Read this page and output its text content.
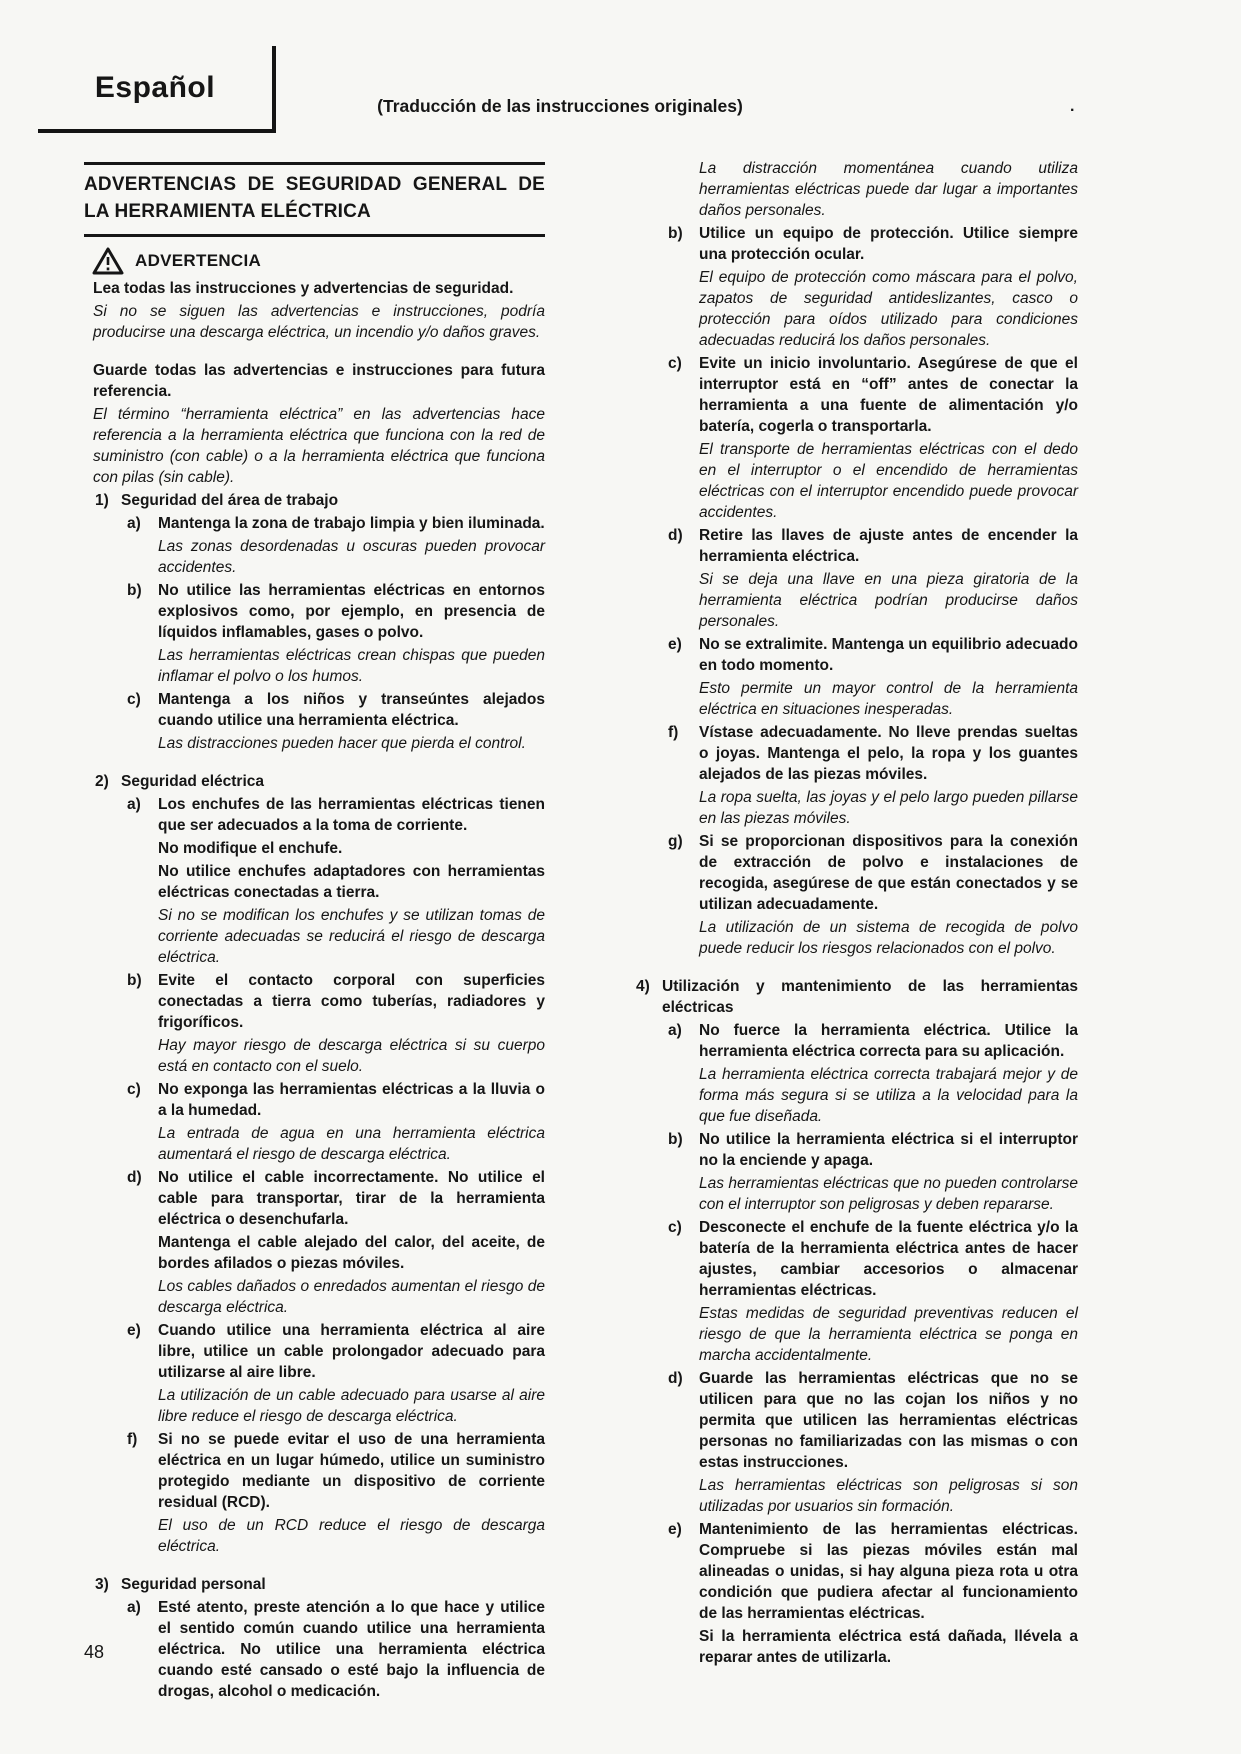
Español
(Traducción de las instrucciones originales)	.
ADVERTENCIAS DE SEGURIDAD GENERAL DE LA HERRAMIENTA ELÉCTRICA
ADVERTENCIA
Lea todas las instrucciones y advertencias de seguridad.
Si no se siguen las advertencias e instrucciones, podría producirse una descarga eléctrica, un incendio y/o daños graves.
Guarde todas las advertencias e instrucciones para futura referencia.
El término “herramienta eléctrica” en las advertencias hace referencia a la herramienta eléctrica que funciona con la red de suministro (con cable) o a la herramienta eléctrica que funciona con pilas (sin cable).
1) Seguridad del área de trabajo
a)	Mantenga la zona de trabajo limpia y bien iluminada.
Las zonas desordenadas u oscuras pueden provocar accidentes.
b)	No utilice las herramientas eléctricas en entornos explosivos como, por ejemplo, en presencia de líquidos inflamables, gases o polvo.
Las herramientas eléctricas crean chispas que pueden inflamar el polvo o los humos.
c)	Mantenga a los niños y transeúntes alejados cuando utilice una herramienta eléctrica.
Las distracciones pueden hacer que pierda el control.
2) Seguridad eléctrica
a)	Los enchufes de las herramientas eléctricas tienen que ser adecuados a la toma de corriente.
No modifique el enchufe.
No utilice enchufes adaptadores con herramientas eléctricas conectadas a tierra.
Si no se modifican los enchufes y se utilizan tomas de corriente adecuadas se reducirá el riesgo de descarga eléctrica.
b)	Evite el contacto corporal con superficies conectadas a tierra como tuberías, radiadores y frigoríficos.
Hay mayor riesgo de descarga eléctrica si su cuerpo está en contacto con el suelo.
c)	No exponga las herramientas eléctricas a la lluvia o a la humedad.
La entrada de agua en una herramienta eléctrica aumentará el riesgo de descarga eléctrica.
d)	No utilice el cable incorrectamente. No utilice el cable para transportar, tirar de la herramienta eléctrica o desenchufarla.
Mantenga el cable alejado del calor, del aceite, de bordes afilados o piezas móviles.
Los cables dañados o enredados aumentan el riesgo de descarga eléctrica.
e)	Cuando utilice una herramienta eléctrica al aire libre, utilice un cable prolongador adecuado para utilizarse al aire libre.
La utilización de un cable adecuado para usarse al aire libre reduce el riesgo de descarga eléctrica.
f)	Si no se puede evitar el uso de una herramienta eléctrica en un lugar húmedo, utilice un suministro protegido mediante un dispositivo de corriente residual (RCD).
El uso de un RCD reduce el riesgo de descarga eléctrica.
3) Seguridad personal
a)	Esté atento, preste atención a lo que hace y utilice el sentido común cuando utilice una herramienta eléctrica. No utilice una herramienta eléctrica cuando esté cansado o esté bajo la influencia de drogas, alcohol o medicación.
La distracción momentánea cuando utiliza herramientas eléctricas puede dar lugar a importantes daños personales.
b)	Utilice un equipo de protección. Utilice siempre una protección ocular.
El equipo de protección como máscara para el polvo, zapatos de seguridad antideslizantes, casco o protección para oídos utilizado para condiciones adecuadas reducirá los daños personales.
c)	Evite un inicio involuntario. Asegúrese de que el interruptor está en “off” antes de conectar la herramienta a una fuente de alimentación y/o batería, cogerla o transportarla.
El transporte de herramientas eléctricas con el dedo en el interruptor o el encendido de herramientas eléctricas con el interruptor encendido puede provocar accidentes.
d)	Retire las llaves de ajuste antes de encender la herramienta eléctrica.
Si se deja una llave en una pieza giratoria de la herramienta eléctrica podrían producirse daños personales.
e)	No se extralimite. Mantenga un equilibrio adecuado en todo momento.
Esto permite un mayor control de la herramienta eléctrica en situaciones inesperadas.
f)	Vístase adecuadamente. No lleve prendas sueltas o joyas. Mantenga el pelo, la ropa y los guantes alejados de las piezas móviles.
La ropa suelta, las joyas y el pelo largo pueden pillarse en las piezas móviles.
g)	Si se proporcionan dispositivos para la conexión de extracción de polvo e instalaciones de recogida, asegúrese de que están conectados y se utilizan adecuadamente.
La utilización de un sistema de recogida de polvo puede reducir los riesgos relacionados con el polvo.
4) Utilización y mantenimiento de las herramientas eléctricas
a)	No fuerce la herramienta eléctrica. Utilice la herramienta eléctrica correcta para su aplicación.
La herramienta eléctrica correcta trabajará mejor y de forma más segura si se utiliza a la velocidad para la que fue diseñada.
b)	No utilice la herramienta eléctrica si el interruptor no la enciende y apaga.
Las herramientas eléctricas que no pueden controlarse con el interruptor son peligrosas y deben repararse.
c)	Desconecte el enchufe de la fuente eléctrica y/o la batería de la herramienta eléctrica antes de hacer ajustes, cambiar accesorios o almacenar herramientas eléctricas.
Estas medidas de seguridad preventivas reducen el riesgo de que la herramienta eléctrica se ponga en marcha accidentalmente.
d)	Guarde las herramientas eléctricas que no se utilicen para que no las cojan los niños y no permita que utilicen las herramientas eléctricas personas no familiarizadas con las mismas o con estas instrucciones.
Las herramientas eléctricas son peligrosas si son utilizadas por usuarios sin formación.
e)	Mantenimiento de las herramientas eléctricas. Compruebe si las piezas móviles están mal alineadas o unidas, si hay alguna pieza rota u otra condición que pudiera afectar al funcionamiento de las herramientas eléctricas.
Si la herramienta eléctrica está dañada, llévela a reparar antes de utilizarla.
48
